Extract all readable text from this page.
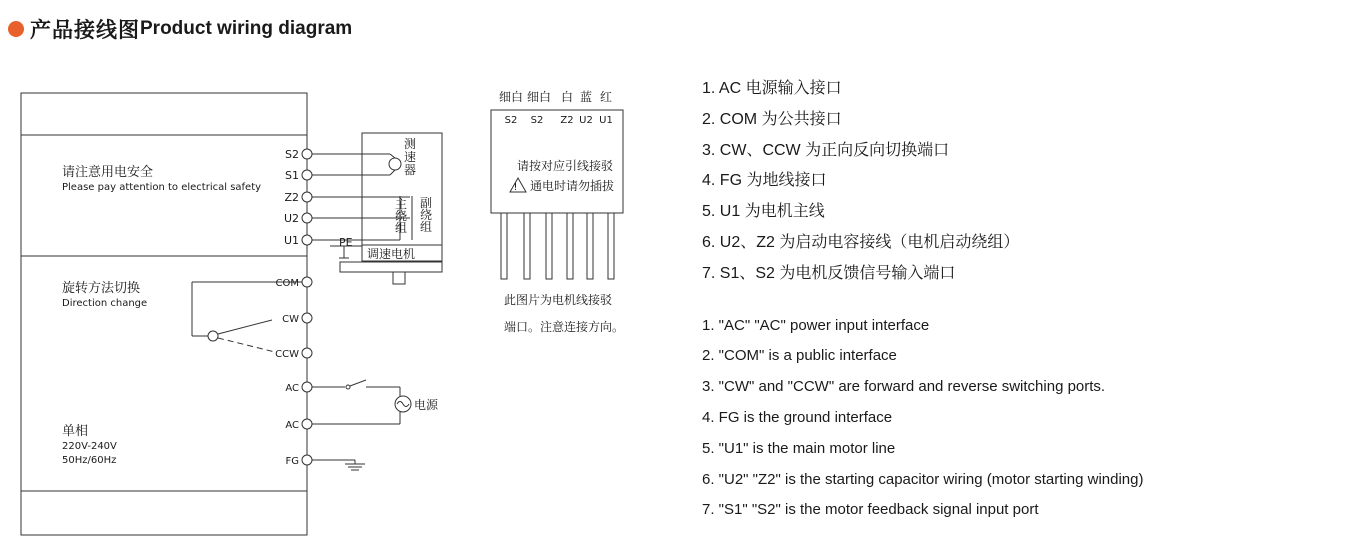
产品接线图 Product wiring diagram
!
请注意用电安全
Please pay attention to electrical safety
旋转方法切换
Direction change
单相
220V-240V
50Hz/60Hz
S2
S1
Z2
U2
U1
COM
CW
CCW
AC
AC
FG
测速器
主绕组
副绕组
PE
调速电机
电源
细白 细白 白 蓝 红
S2 S2 Z2 U2 U1
请按对应引线接驳
通电时请勿插拔
此图片为电机线接驳
端口。注意连接方向。
1. AC 电源输入接口
2. COM 为公共接口
3. CW、CCW 为正向反向切换端口
4. FG 为地线接口
5. U1 为电机主线
6. U2、Z2 为启动电容接线（电机启动绕组）
7. S1、S2 为电机反馈信号输入端口
1. "AC" "AC" power input interface
2. "COM" is a public interface
3. "CW" and "CCW" are forward and reverse switching ports.
4. FG is the ground interface
5. "U1" is the main motor line
6. "U2" "Z2" is the starting capacitor wiring (motor starting winding)
7. "S1" "S2" is the motor feedback signal input port
